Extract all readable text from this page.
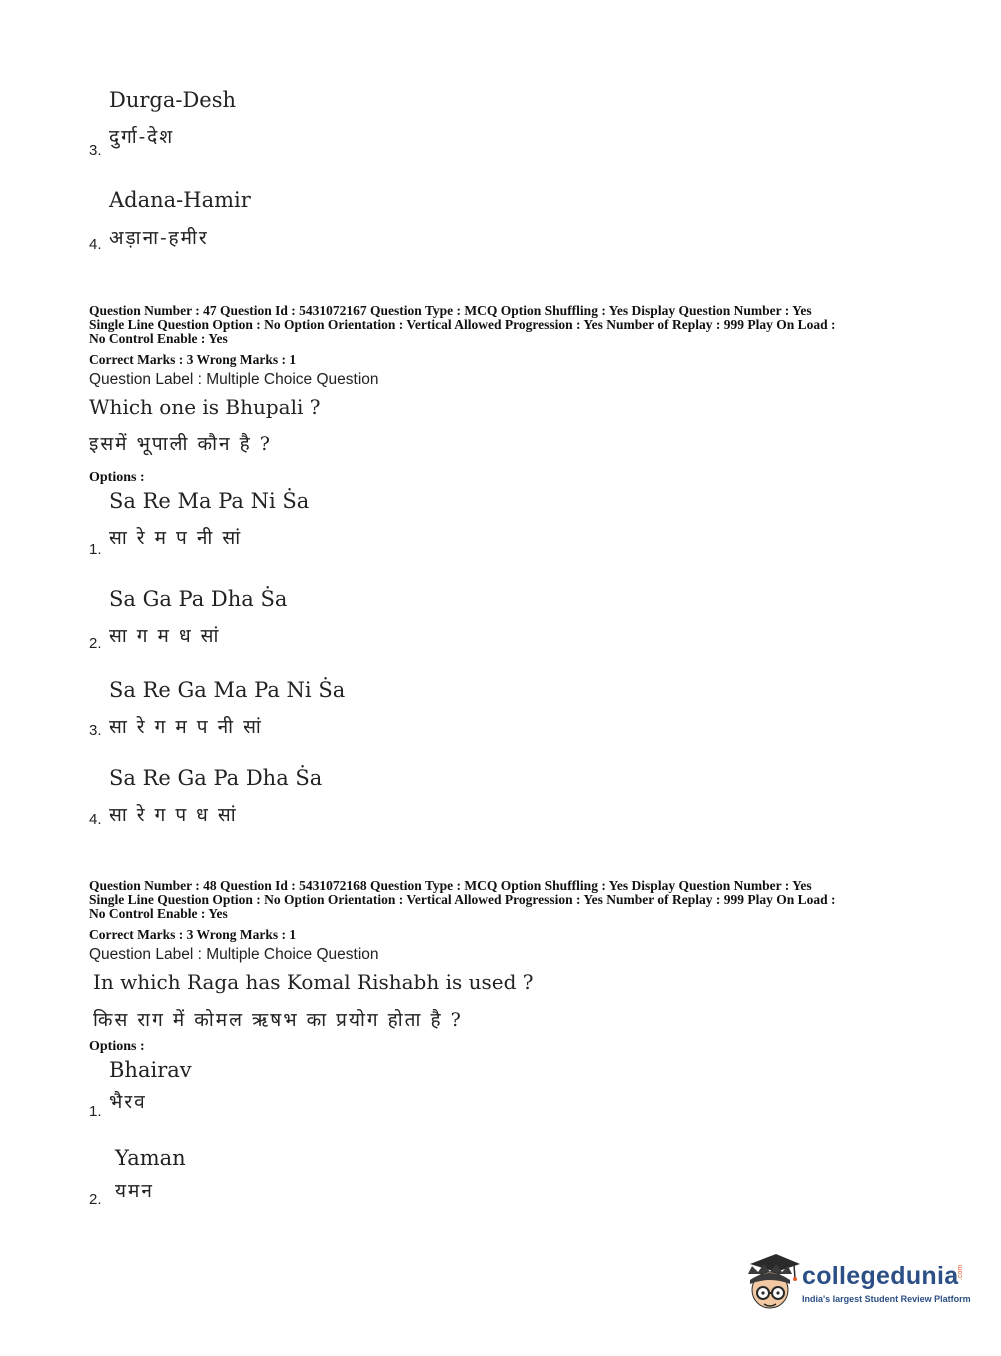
Durga-Desh
दुर्गा-देश
3.
Adana-Hamir
अड़ाना-हमीर
4.
Question Number : 47 Question Id : 5431072167 Question Type : MCQ Option Shuffling : Yes Display Question Number : Yes
Single Line Question Option : No Option Orientation : Vertical Allowed Progression : Yes Number of Replay : 999 Play On Load :
No Control Enable : Yes
Correct Marks : 3 Wrong Marks : 1
Question Label : Multiple Choice Question
Which one is Bhupali ?
इसमें भूपाली कौन है ?
Options :
Sa Re Ma Pa Ni Ṡa
सा रे म प नी सां
1.
Sa Ga Pa Dha Ṡa
सा ग म ध सां
2.
Sa Re Ga Ma Pa Ni Ṡa
सा रे ग म प नी सां
3.
Sa Re Ga Pa Dha Ṡa
सा रे ग प ध सां
4.
Question Number : 48 Question Id : 5431072168 Question Type : MCQ Option Shuffling : Yes Display Question Number : Yes
Single Line Question Option : No Option Orientation : Vertical Allowed Progression : Yes Number of Replay : 999 Play On Load :
No Control Enable : Yes
Correct Marks : 3 Wrong Marks : 1
Question Label : Multiple Choice Question
In which Raga has Komal Rishabh is used ?
किस राग में कोमल ऋषभ का प्रयोग होता है ?
Options :
Bhairav
भैरव
1.
Yaman
यमन
2.
collegedunia
.com
India's largest Student Review Platform
